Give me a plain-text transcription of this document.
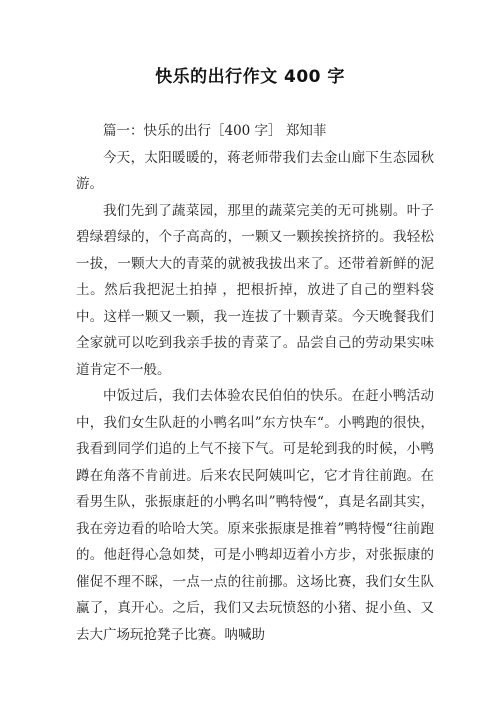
快乐的出行作文 400 字

篇一：快乐的出行［400 字］ 郑知菲

今天，太阳暖暖的，蒋老师带我们去金山廊下生态园秋游。

我们先到了蔬菜园，那里的蔬菜完美的无可挑剔。叶子碧绿碧绿的，个子高高的，一颗又一颗挨挨挤挤的。我轻松一拔，一颗大大的青菜的就被我拔出来了。还带着新鲜的泥土。然后我把泥土拍掉 ，把根折掉，放进了自己的塑料袋中。这样一颗又一颗，我一连拔了十颗青菜。今天晚餐我们全家就可以吃到我亲手拔的青菜了。品尝自己的劳动果实味道肯定不一般。

中饭过后，我们去体验农民伯伯的快乐。在赶小鸭活动中，我们女生队赶的小鸭名叫”东方快车“。小鸭跑的很快，我看到同学们追的上气不接下气。可是轮到我的时候，小鸭蹲在角落不肯前进。后来农民阿姨叫它，它才肯往前跑。在看男生队，张振康赶的小鸭名叫”鸭特慢“，真是名副其实，我在旁边看的哈哈大笑。原来张振康是推着”鸭特慢“往前跑的。他赶得心急如焚，可是小鸭却迈着小方步，对张振康的催促不理不睬，一点一点的往前挪。这场比赛，我们女生队赢了，真开心。之后，我们又去玩愤怒的小猪、捉小鱼、又去大广场玩抢凳子比赛。呐喊助
